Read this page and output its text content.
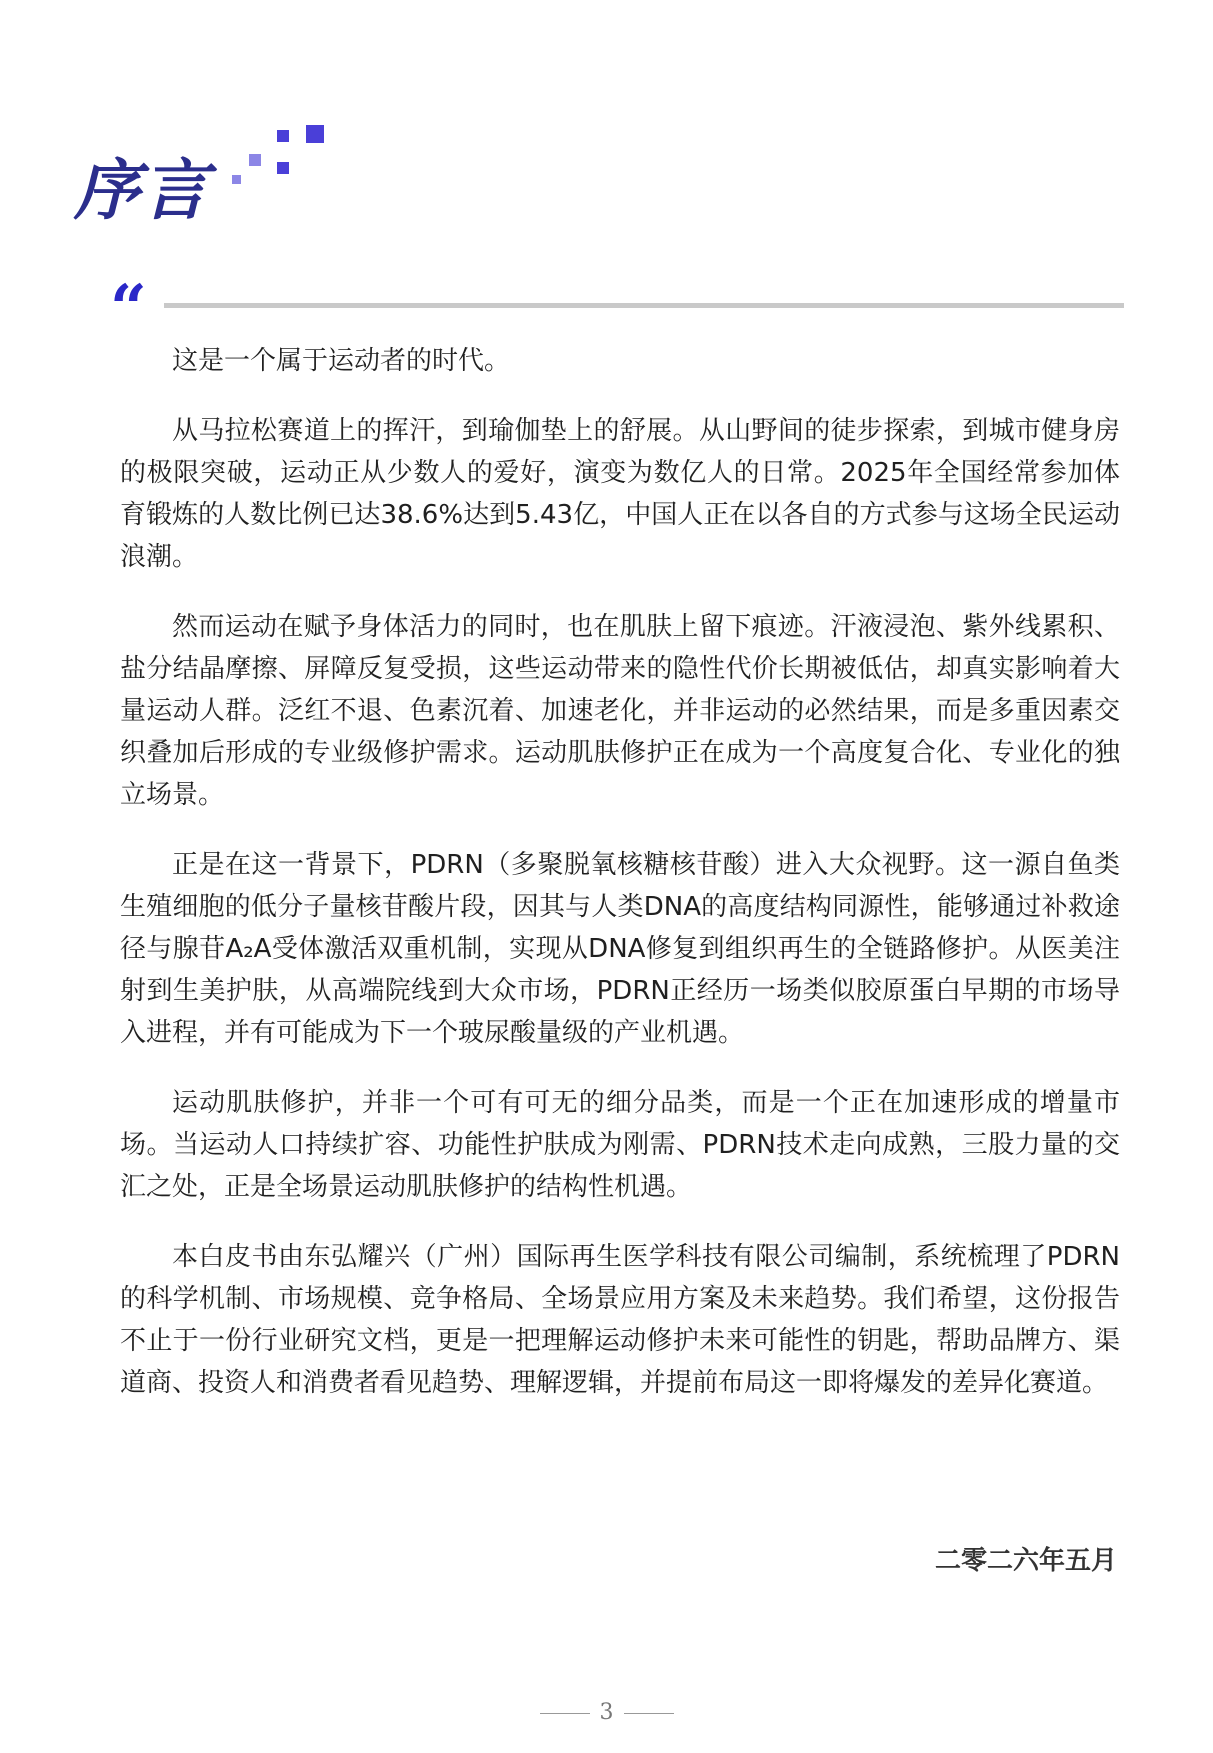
序言
“

这是一个属于运动者的时代。

从马拉松赛道上的挥汗，到瑜伽垫上的舒展。从山野间的徒步探索，到城市健身房的极限突破，运动正从少数人的爱好，演变为数亿人的日常。2025年全国经常参加体育锻炼的人数比例已达38.6%达到5.43亿，中国人正在以各自的方式参与这场全民运动浪潮。

然而运动在赋予身体活力的同时，也在肌肤上留下痕迹。汗液浸泡、紫外线累积、盐分结晶摩擦、屏障反复受损，这些运动带来的隐性代价长期被低估，却真实影响着大量运动人群。泛红不退、色素沉着、加速老化，并非运动的必然结果，而是多重因素交织叠加后形成的专业级修护需求。运动肌肤修护正在成为一个高度复合化、专业化的独立场景。

正是在这一背景下，PDRN（多聚脱氧核糖核苷酸）进入大众视野。这一源自鱼类生殖细胞的低分子量核苷酸片段，因其与人类DNA的高度结构同源性，能够通过补救途径与腺苷A₂A受体激活双重机制，实现从DNA修复到组织再生的全链路修护。从医美注射到生美护肤，从高端院线到大众市场，PDRN正经历一场类似胶原蛋白早期的市场导入进程，并有可能成为下一个玻尿酸量级的产业机遇。

运动肌肤修护，并非一个可有可无的细分品类，而是一个正在加速形成的增量市场。当运动人口持续扩容、功能性护肤成为刚需、PDRN技术走向成熟，三股力量的交汇之处，正是全场景运动肌肤修护的结构性机遇。

本白皮书由东弘耀兴（广州）国际再生医学科技有限公司编制，系统梳理了PDRN的科学机制、市场规模、竞争格局、全场景应用方案及未来趋势。我们希望，这份报告不止于一份行业研究文档，更是一把理解运动修护未来可能性的钥匙，帮助品牌方、渠道商、投资人和消费者看见趋势、理解逻辑，并提前布局这一即将爆发的差异化赛道。

二零二六年五月
3
